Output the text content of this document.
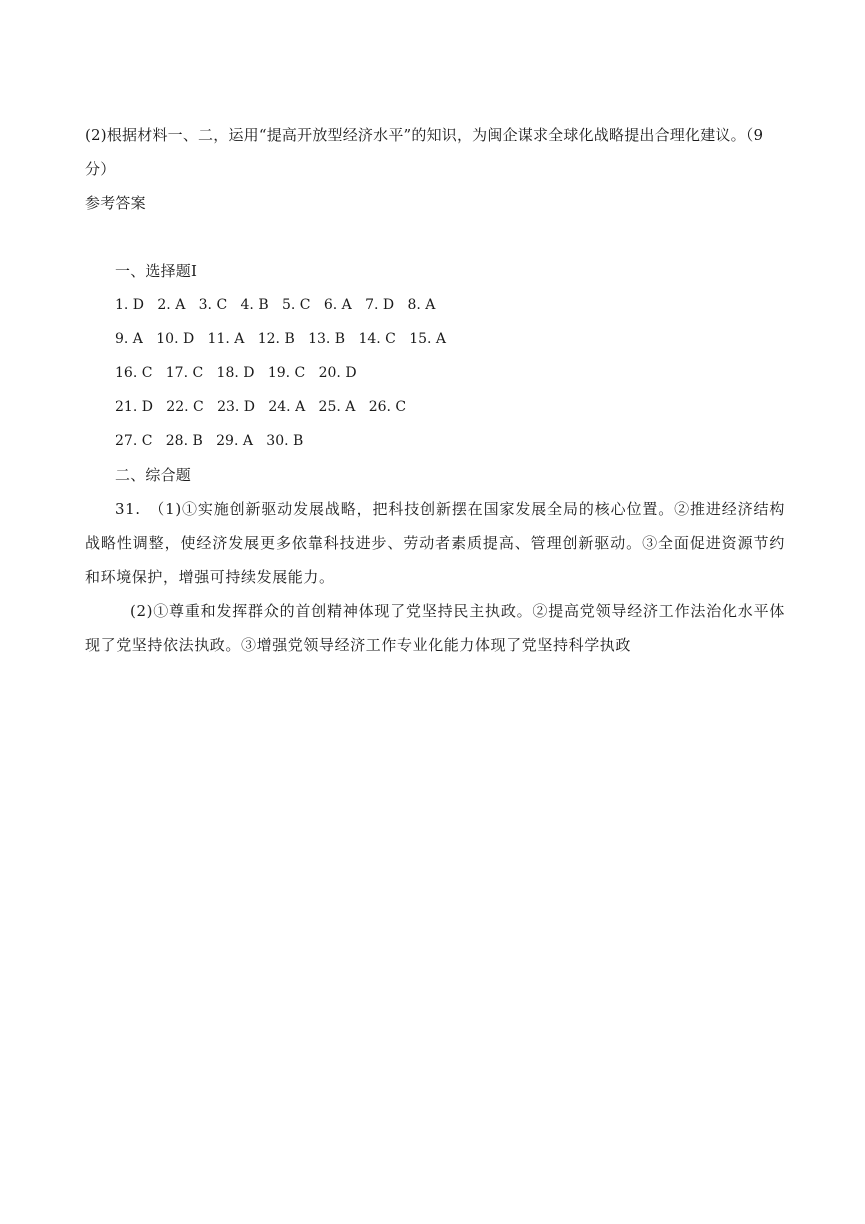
(2)根据材料一、二，运用“提高开放型经济水平”的知识，为闽企谋求全球化战略提出合理化建议。（9
分）
参考答案
一、选择题Ⅰ
1. D   2. A   3. C   4. B   5. C   6. A   7. D   8. A
9. A   10. D   11. A   12. B   13. B   14. C   15. A
16. C   17. C   18. D   19. C   20. D
21. D   22. C   23. D   24. A   25. A   26. C
27. C   28. B   29. A   30. B
二、综合题
31.　（1)①实施创新驱动发展战略，把科技创新摆在国家发展全局的核心位置。②推进经济结构战略性调整，使经济发展更多依靠科技进步、劳动者素质提高、管理创新驱动。③全面促进资源节约和环境保护，增强可持续发展能力。
(2)①尊重和发挥群众的首创精神体现了党坚持民主执政。②提高党领导经济工作法治化水平体现了党坚持依法执政。③增强党领导经济工作专业化能力体现了党坚持科学执政
